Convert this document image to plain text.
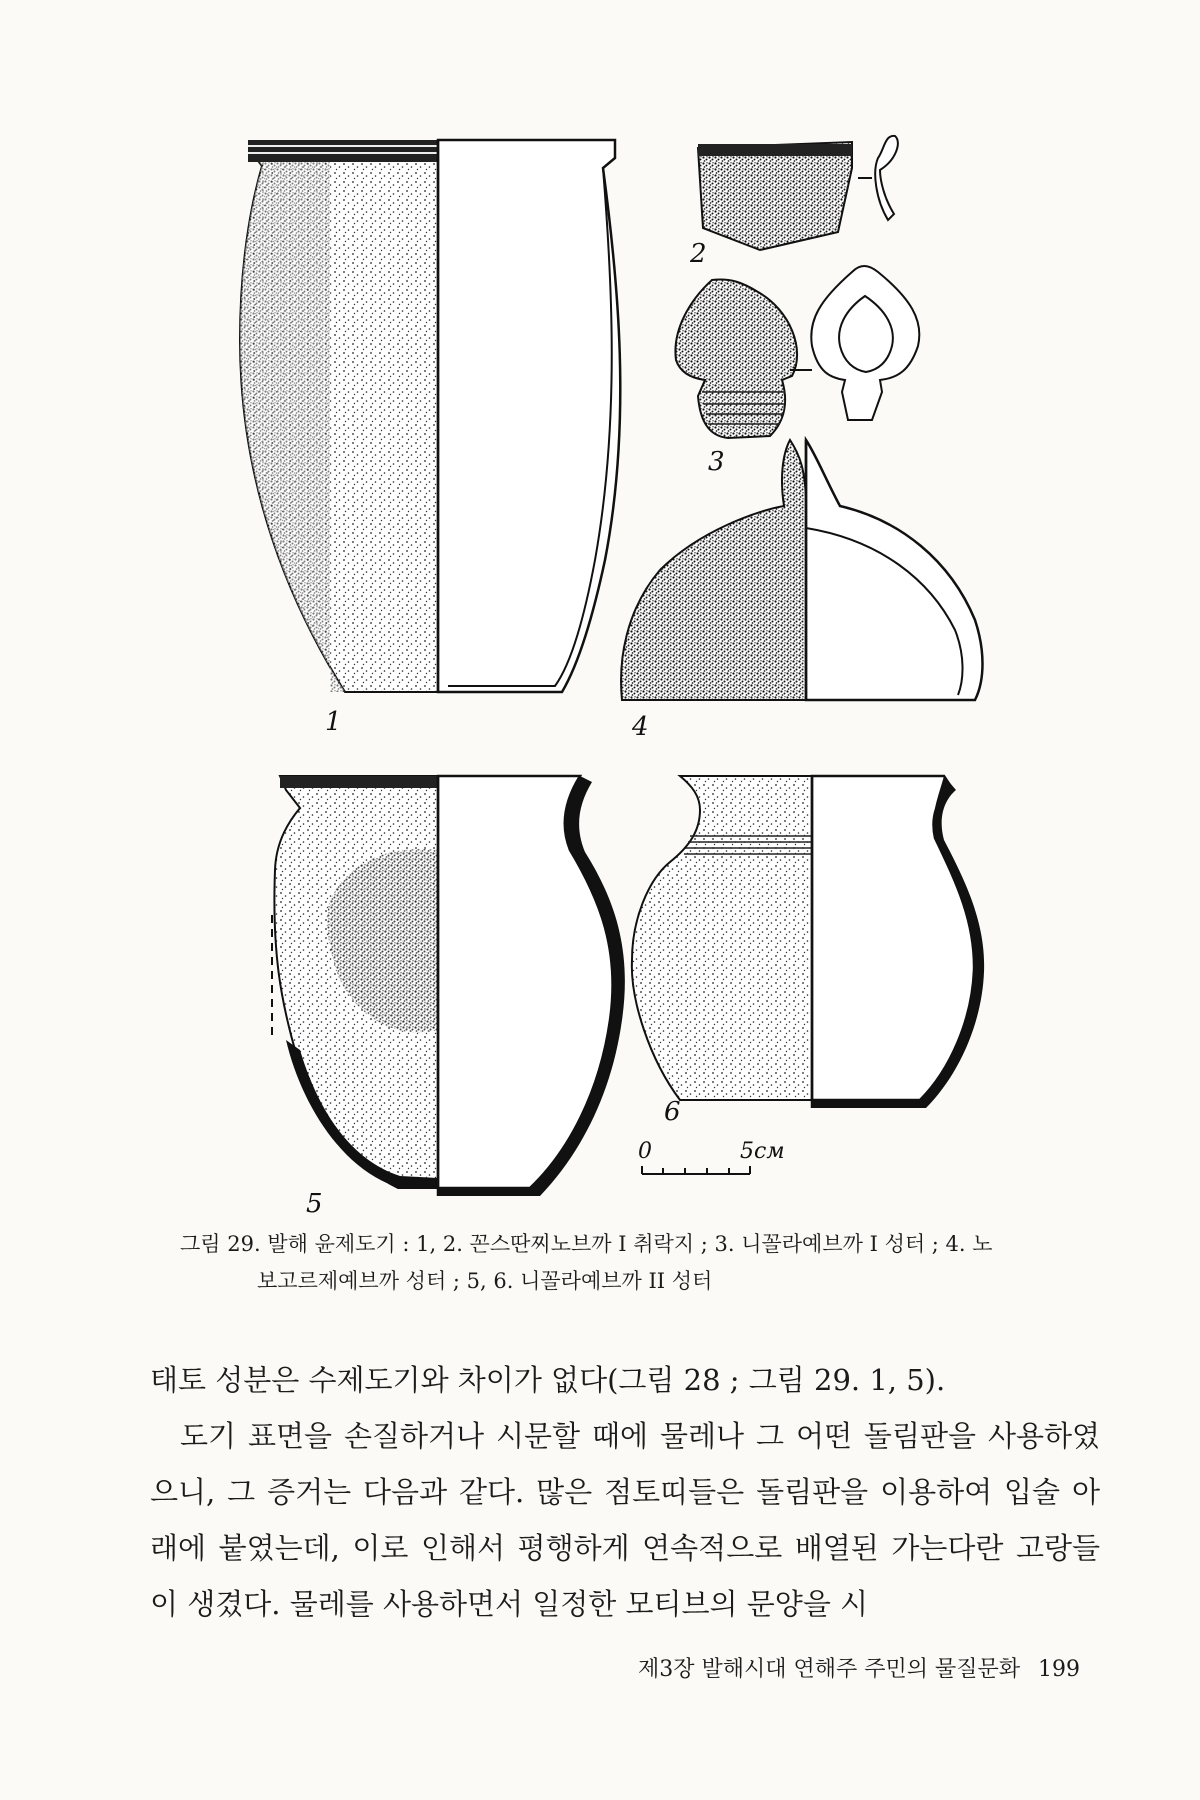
1
2
3
4
5
6
0	5см
그림 29. 발해 윤제도기 : 1, 2. 꼰스딴찌노브까 I 취락지 ; 3. 니꼴라예브까 I 성터 ; 4. 노
보고르제예브까 성터 ; 5, 6. 니꼴라예브까 II 성터

태토 성분은 수제도기와 차이가 없다(그림 28 ; 그림 29. 1, 5).

도기 표면을 손질하거나 시문할 때에 물레나 그 어떤 돌림판을 사용하였으니, 그 증거는 다음과 같다. 많은 점토띠들은 돌림판을 이용하여 입술 아래에 붙였는데, 이로 인해서 평행하게 연속적으로 배열된 가는다란 고랑들이 생겼다. 물레를 사용하면서 일정한 모티브의 문양을 시

제3장 발해시대 연해주 주민의 물질문화 199
